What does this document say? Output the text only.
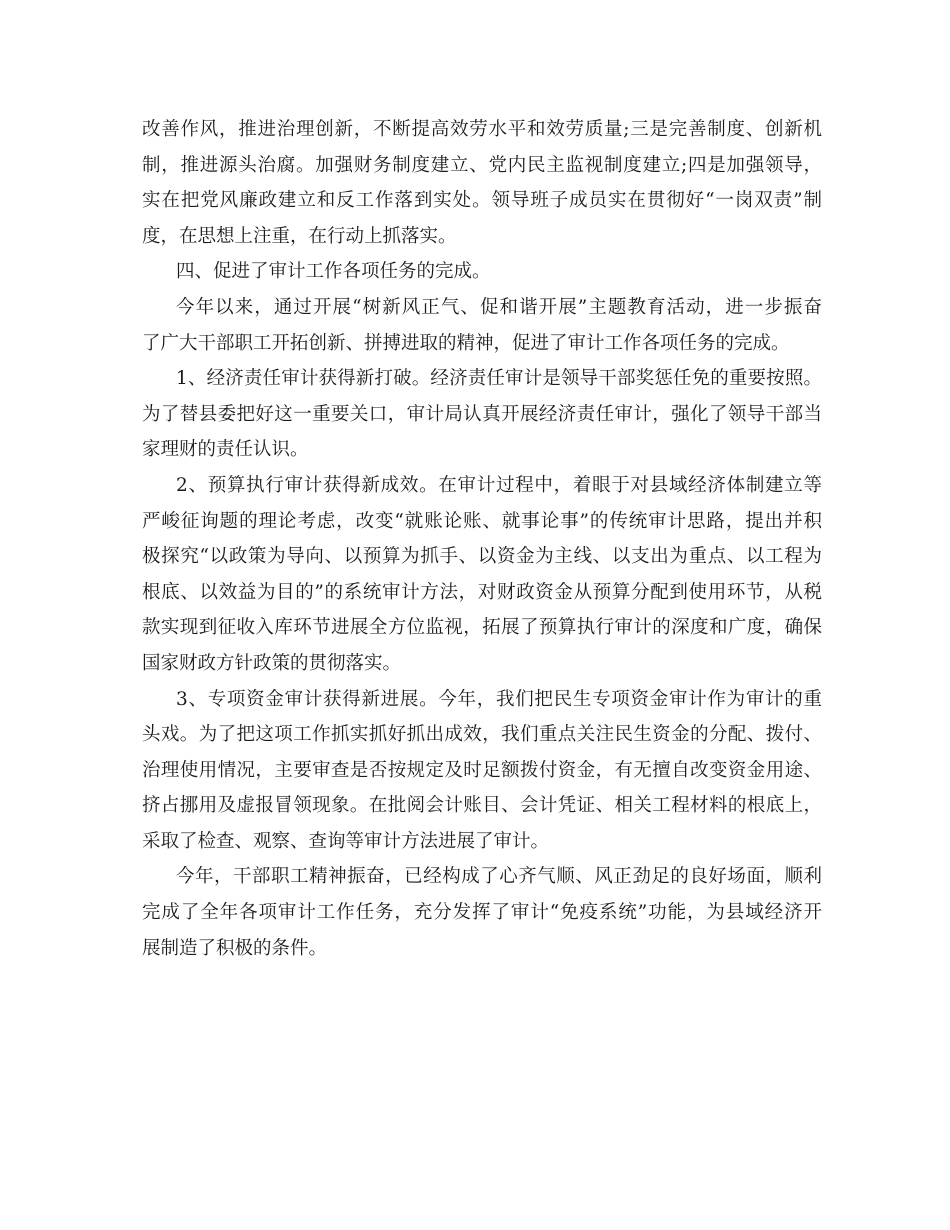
改善作风，推进治理创新，不断提高效劳水平和效劳质量;三是完善制度、创新机
制，推进源头治腐。加强财务制度建立、党内民主监视制度建立;四是加强领导，
实在把党风廉政建立和反工作落到实处。领导班子成员实在贯彻好“一岗双责”制
度，在思想上注重，在行动上抓落实。
四、促进了审计工作各项任务的完成。
今年以来，通过开展“树新风正气、促和谐开展”主题教育活动，进一步振奋
了广大干部职工开拓创新、拼搏进取的精神，促进了审计工作各项任务的完成。
1、经济责任审计获得新打破。经济责任审计是领导干部奖惩任免的重要按照。
为了替县委把好这一重要关口，审计局认真开展经济责任审计，强化了领导干部当
家理财的责任认识。
2、预算执行审计获得新成效。在审计过程中，着眼于对县域经济体制建立等
严峻征询题的理论考虑，改变“就账论账、就事论事”的传统审计思路，提出并积
极探究“以政策为导向、以预算为抓手、以资金为主线、以支出为重点、以工程为
根底、以效益为目的”的系统审计方法，对财政资金从预算分配到使用环节，从税
款实现到征收入库环节进展全方位监视，拓展了预算执行审计的深度和广度，确保
国家财政方针政策的贯彻落实。
3、专项资金审计获得新进展。今年，我们把民生专项资金审计作为审计的重
头戏。为了把这项工作抓实抓好抓出成效，我们重点关注民生资金的分配、拨付、
治理使用情况，主要审查是否按规定及时足额拨付资金，有无擅自改变资金用途、
挤占挪用及虚报冒领现象。在批阅会计账目、会计凭证、相关工程材料的根底上，
采取了检查、观察、查询等审计方法进展了审计。
今年，干部职工精神振奋，已经构成了心齐气顺、风正劲足的良好场面，顺利
完成了全年各项审计工作任务，充分发挥了审计“免疫系统”功能，为县域经济开
展制造了积极的条件。
